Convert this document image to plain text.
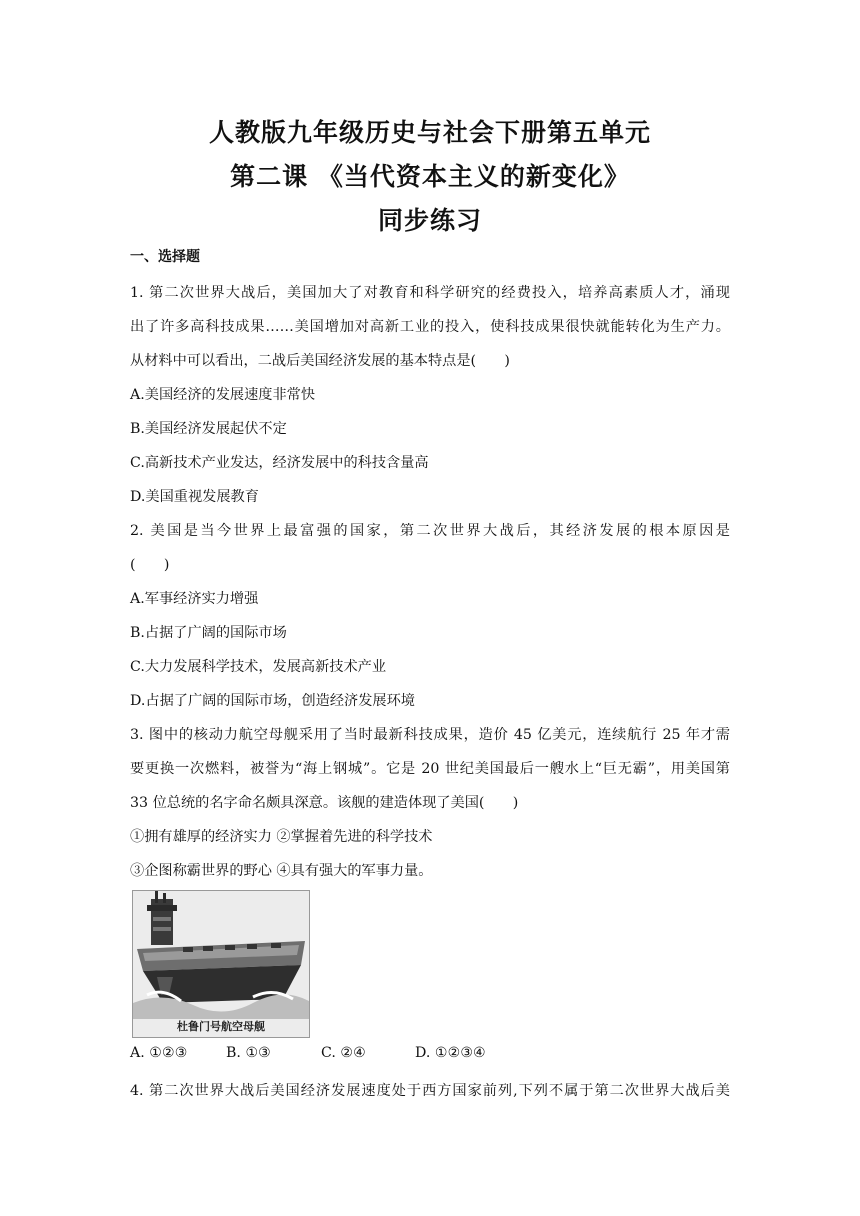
人教版九年级历史与社会下册第五单元
第二课 《当代资本主义的新变化》
同步练习
一、选择题
1. 第二次世界大战后，美国加大了对教育和科学研究的经费投入，培养高素质人才，涌现
出了许多高科技成果……美国增加对高新工业的投入，使科技成果很快就能转化为生产力。
从材料中可以看出，二战后美国经济发展的基本特点是(　　)
A.美国经济的发展速度非常快
B.美国经济发展起伏不定
C.高新技术产业发达，经济发展中的科技含量高
D.美国重视发展教育
2. 美国是当今世界上最富强的国家，第二次世界大战后，其经济发展的根本原因是
(　　)
A.军事经济实力增强
B.占据了广阔的国际市场
C.大力发展科学技术，发展高新技术产业
D.占据了广阔的国际市场，创造经济发展环境
3. 图中的核动力航空母舰采用了当时最新科技成果，造价 45 亿美元，连续航行 25 年才需
要更换一次燃料，被誉为“海上钢城”。它是 20 世纪美国最后一艘水上“巨无霸”，用美国第
33 位总统的名字命名颇具深意。该舰的建造体现了美国(　　)
①拥有雄厚的经济实力 ②掌握着先进的科学技术
③企图称霸世界的野心 ④具有强大的军事力量。
杜鲁门号航空母舰
A. ①②③	B. ①③	C. ②④	D. ①②③④
4. 第二次世界大战后美国经济发展速度处于西方国家前列,下列不属于第二次世界大战后美
